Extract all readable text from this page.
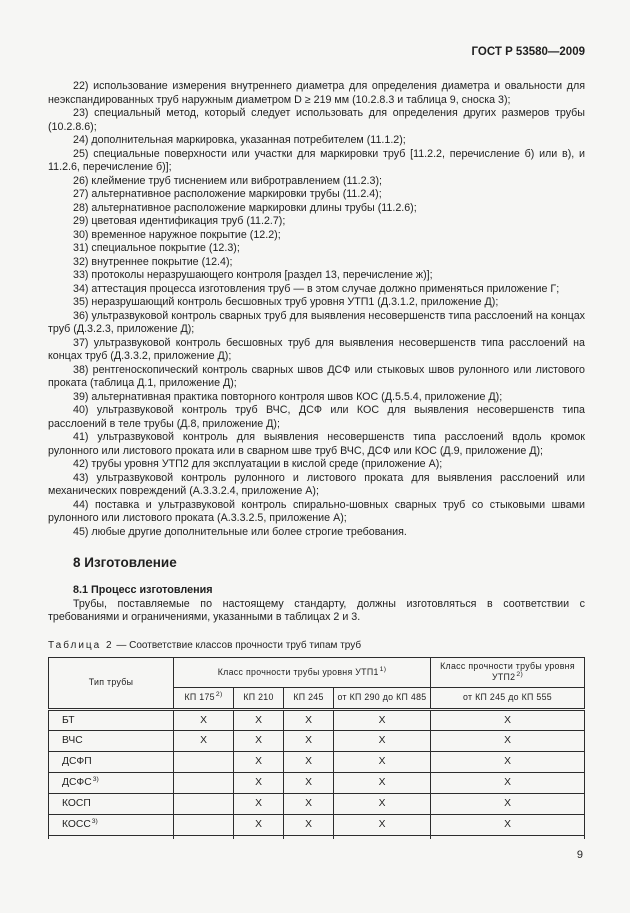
ГОСТ Р 53580—2009

22) использование измерения внутреннего диаметра для определения диаметра и овальности для неэкспандированных труб наружным диаметром D ≥ 219 мм (10.2.8.3 и таблица 9, сноска 3);

23) специальный метод, который следует использовать для определения других размеров трубы (10.2.8.6);

24) дополнительная маркировка, указанная потребителем (11.1.2);

25) специальные поверхности или участки для маркировки труб [11.2.2, перечисление б) или в), и 11.2.6, перечисление б)];

26) клеймение труб тиснением или вибротравлением (11.2.3);

27) альтернативное расположение маркировки трубы (11.2.4);

28) альтернативное расположение маркировки длины трубы (11.2.6);

29) цветовая идентификация труб (11.2.7);

30) временное наружное покрытие (12.2);

31) специальное покрытие (12.3);

32) внутреннее покрытие (12.4);

33) протоколы неразрушающего контроля [раздел 13, перечисление ж)];

34) аттестация процесса изготовления труб — в этом случае должно применяться приложение Г;

35) неразрушающий контроль бесшовных труб уровня УТП1 (Д.3.1.2, приложение Д);

36) ультразвуковой контроль сварных труб для выявления несовершенств типа расслоений на концах труб (Д.3.2.3, приложение Д);

37) ультразвуковой контроль бесшовных труб для выявления несовершенств типа расслоений на концах труб (Д.3.3.2, приложение Д);

38) рентгеноскопический контроль сварных швов ДСФ или стыковых швов рулонного или листового проката (таблица Д.1, приложение Д);

39) альтернативная практика повторного контроля швов КОС (Д.5.5.4, приложение Д);

40) ультразвуковой контроль труб ВЧС, ДСФ или КОС для выявления несовершенств типа расслоений в теле трубы (Д.8, приложение Д);

41) ультразвуковой контроль для выявления несовершенств типа расслоений вдоль кромок рулонного или листового проката или в сварном шве труб ВЧС, ДСФ или КОС (Д.9, приложение Д);

42) трубы уровня УТП2 для эксплуатации в кислой среде (приложение А);

43) ультразвуковой контроль рулонного и листового проката для выявления расслоений или механических повреждений (А.3.3.2.4, приложение А);

44) поставка и ультразвуковой контроль спирально-шовных сварных труб со стыковыми швами рулонного или листового проката (А.3.3.2.5, приложение А);

45) любые другие дополнительные или более строгие требования.

8 Изготовление
8.1 Процесс изготовления

Трубы, поставляемые по настоящему стандарту, должны изготовляться в соответствии с требованиями и ограничениями, указанными в таблицах 2 и 3.

Таблица 2 — Соответствие классов прочности труб типам труб

Тип трубы	Класс прочности трубы уровня УТП1$^{1)}$				Класс прочности трубы уровня УТП2$^{2)}$
	КП 175$^{2)}$	КП 210	КП 245	от КП 290 до КП 485	от КП 245 до КП 555
БТ	Х	Х	Х	Х	Х
ВЧС	Х	Х	Х	Х	Х
ДСФП		Х	Х	Х	Х
ДСФС$^{3)}$		Х	Х	Х	Х
КОСП		Х	Х	Х	Х
КОСС$^{3)}$		Х	Х	Х	Х

9
